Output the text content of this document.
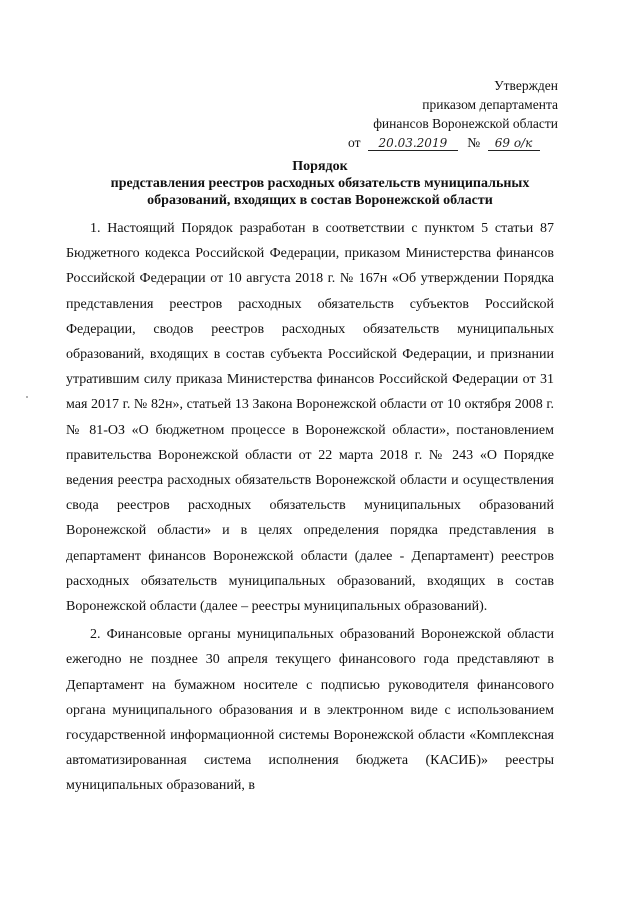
Утвержден
приказом департамента
финансов Воронежской области
от 20.03.2019 № 69 о/к
Порядок
представления реестров расходных обязательств муниципальных
образований, входящих в состав Воронежской области

1. Настоящий Порядок разработан в соответствии с пунктом 5 статьи 87 Бюджетного кодекса Российской Федерации, приказом Министерства финансов Российской Федерации от 10 августа 2018 г. № 167н «Об утверждении Порядка представления реестров расходных обязательств субъектов Российской Федерации, сводов реестров расходных обязательств муниципальных образований, входящих в состав субъекта Российской Федерации, и признании утратившим силу приказа Министерства финансов Российской Федерации от 31 мая 2017 г. № 82н», статьей 13 Закона Воронежской области от 10 октября 2008 г. № 81-ОЗ «О бюджетном процессе в Воронежской области», постановлением правительства Воронежской области от 22 марта 2018 г. № 243 «О Порядке ведения реестра расходных обязательств Воронежской области и осуществления свода реестров расходных обязательств муниципальных образований Воронежской области» и в целях определения порядка представления в департамент финансов Воронежской области (далее - Департамент) реестров расходных обязательств муниципальных образований, входящих в состав Воронежской области (далее – реестры муниципальных образований).

2. Финансовые органы муниципальных образований Воронежской области ежегодно не позднее 30 апреля текущего финансового года представляют в Департамент на бумажном носителе с подписью руководителя финансового органа муниципального образования и в электронном виде с использованием государственной информационной системы Воронежской области «Комплексная автоматизированная система исполнения бюджета (КАСИБ)» реестры муниципальных образований, в
